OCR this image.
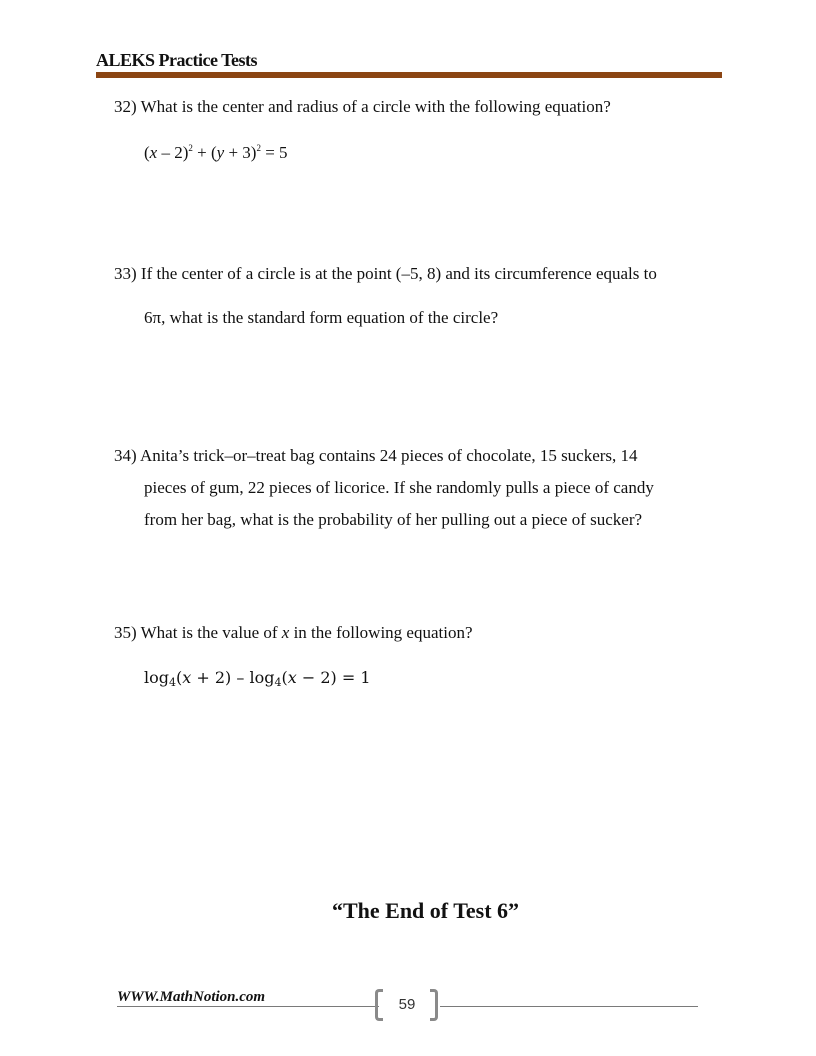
ALEKS Practice Tests
32) What is the center and radius of a circle with the following equation?
$(x - 2)^2 + (y + 3)^2 = 5$
33) If the center of a circle is at the point (–5, 8) and its circumference equals to
6π, what is the standard form equation of the circle?
34) Anita’s trick–or–treat bag contains 24 pieces of chocolate, 15 suckers, 14
pieces of gum, 22 pieces of licorice. If she randomly pulls a piece of candy
from her bag, what is the probability of her pulling out a piece of sucker?
35) What is the value of x in the following equation?
$\log_4(x + 2) - \log_4(x - 2) = 1$
“The End of Test 6”
WWW.MathNotion.com	59
